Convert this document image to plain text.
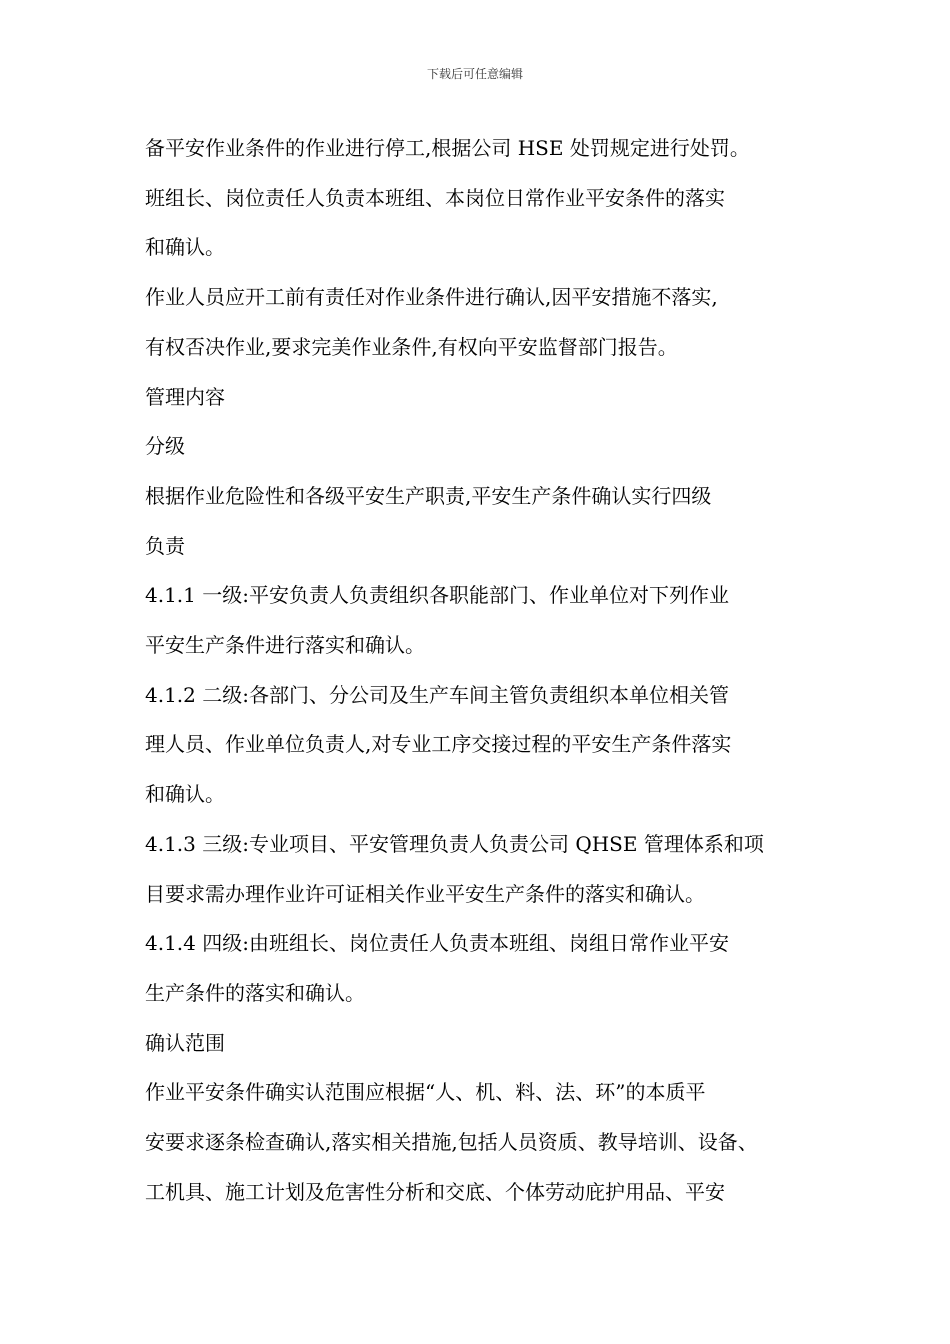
下载后可任意编辑

备平安作业条件的作业进行停工,根据公司 HSE 处罚规定进行处罚。

班组长、岗位责任人负责本班组、本岗位日常作业平安条件的落实

和确认。

作业人员应开工前有责任对作业条件进行确认,因平安措施不落实,

有权否决作业,要求完美作业条件,有权向平安监督部门报告。

管理内容

分级

根据作业危险性和各级平安生产职责,平安生产条件确认实行四级

负责

4.1.1 一级:平安负责人负责组织各职能部门、作业单位对下列作业

平安生产条件进行落实和确认。

4.1.2 二级:各部门、分公司及生产车间主管负责组织本单位相关管

理人员、作业单位负责人,对专业工序交接过程的平安生产条件落实

和确认。

4.1.3 三级:专业项目、平安管理负责人负责公司 QHSE 管理体系和项

目要求需办理作业许可证相关作业平安生产条件的落实和确认。

4.1.4 四级:由班组长、岗位责任人负责本班组、岗组日常作业平安

生产条件的落实和确认。

确认范围

作业平安条件确实认范围应根据“人、机、料、法、环”的本质平

安要求逐条检查确认,落实相关措施,包括人员资质、教导培训、设备、

工机具、施工计划及危害性分析和交底、个体劳动庇护用品、平安
